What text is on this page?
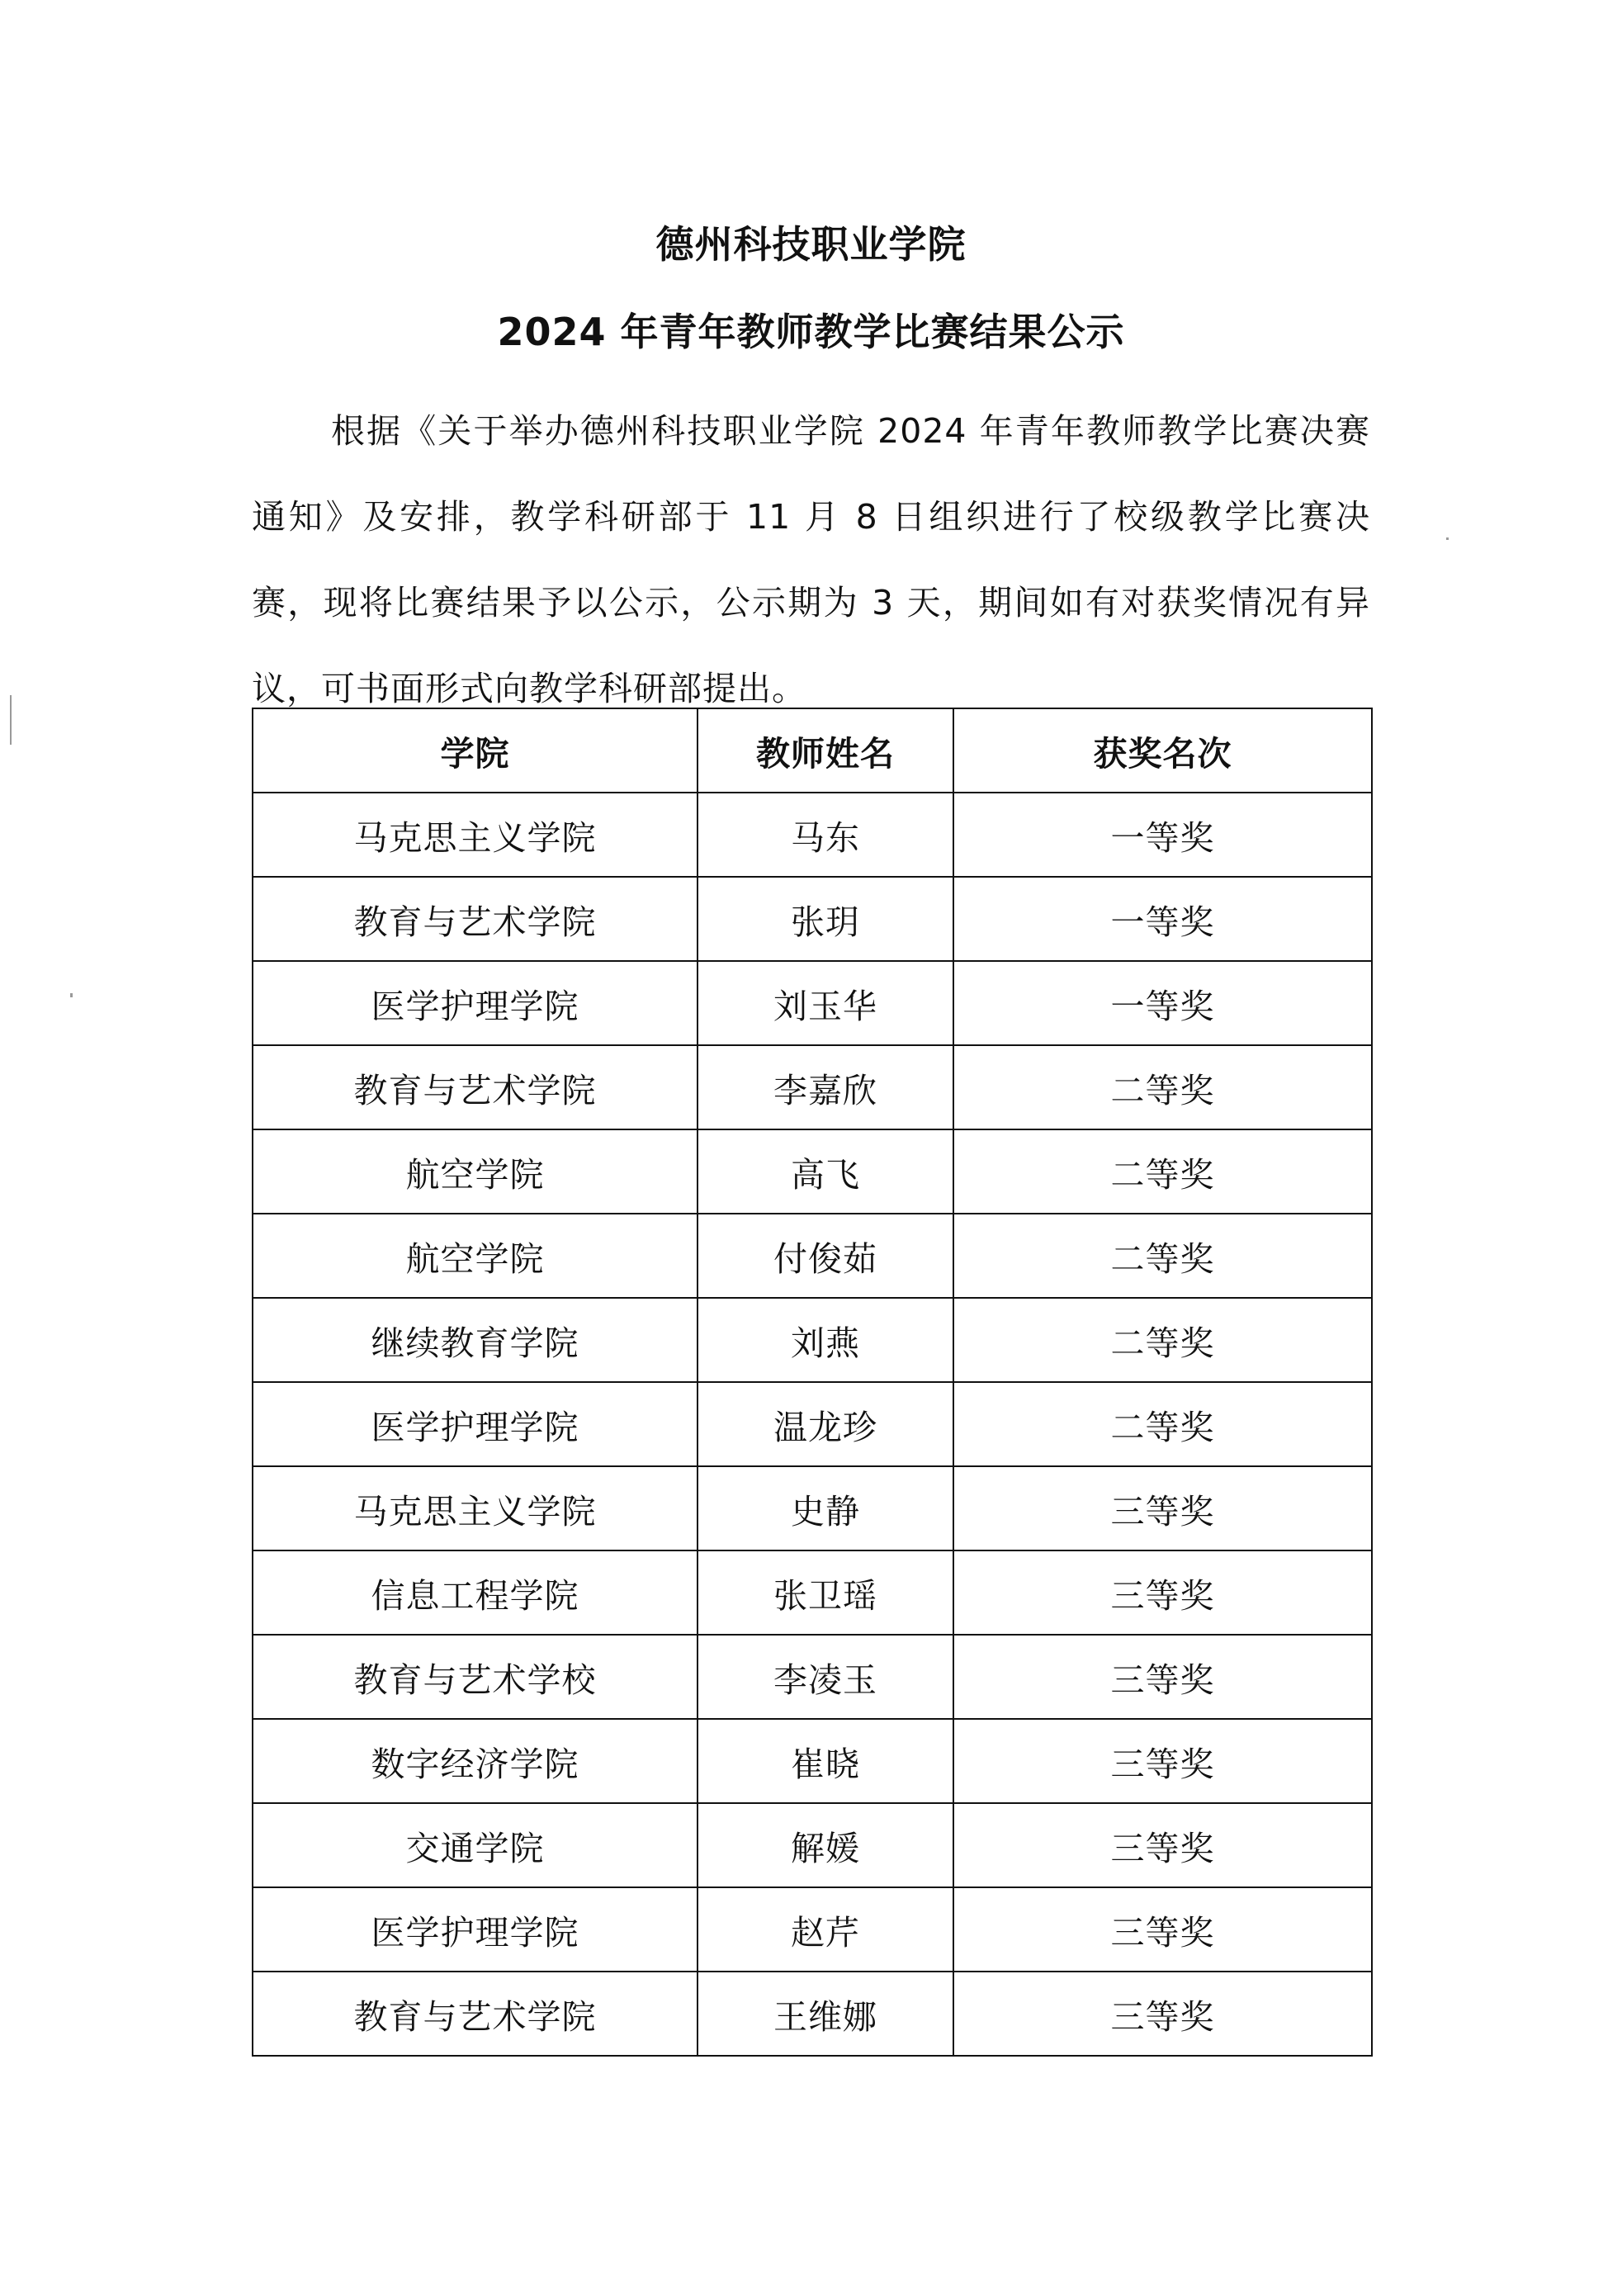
德州科技职业学院
2024 年青年教师教学比赛结果公示
根据《关于举办德州科技职业学院 2024 年青年教师教学比赛决赛通知》及安排，教学科研部于 11 月 8 日组织进行了校级教学比赛决赛，现将比赛结果予以公示，公示期为 3 天，期间如有对获奖情况有异议，可书面形式向教学科研部提出。
学院	教师姓名	获奖名次
马克思主义学院	马东	一等奖
教育与艺术学院	张玥	一等奖
医学护理学院	刘玉华	一等奖
教育与艺术学院	李嘉欣	二等奖
航空学院	高飞	二等奖
航空学院	付俊茹	二等奖
继续教育学院	刘燕	二等奖
医学护理学院	温龙珍	二等奖
马克思主义学院	史静	三等奖
信息工程学院	张卫瑶	三等奖
教育与艺术学校	李凌玉	三等奖
数字经济学院	崔晓	三等奖
交通学院	解媛	三等奖
医学护理学院	赵芹	三等奖
教育与艺术学院	王维娜	三等奖
